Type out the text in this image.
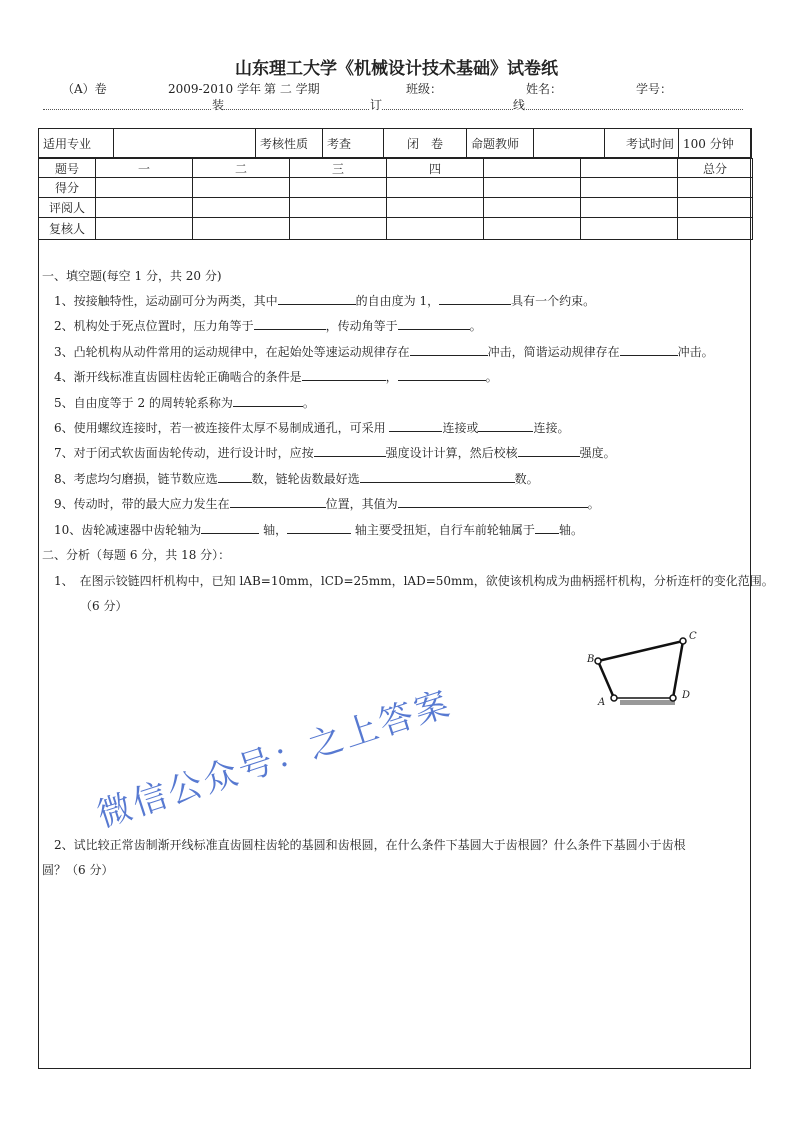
山东理工大学《机械设计技术基础》试卷纸
（A）卷	2009-2010 学年 第 二 学期	班级：	姓名：	学号：
装	订	线
适用专业		考核性质	考查	闭　卷	命题教师		考试时间	100 分钟
题号	一	二	三	四			总分
得分							
评阅人							
复核人							
一、填空题(每空 1 分，共 20 分)
1、按接触特性，运动副可分为两类，其中	的自由度为 1，	具有一个约束。
2、机构处于死点位置时，压力角等于	，传动角等于	。
3、凸轮机构从动件常用的运动规律中，在起始处等速运动规律存在	冲击，简谐运动规律存在	冲击。
4、渐开线标准直齿圆柱齿轮正确啮合的条件是	，	。
5、自由度等于 2 的周转轮系称为	。
6、使用螺纹连接时，若一被连接件太厚不易制成通孔，可采用	连接或	连接。
7、对于闭式软齿面齿轮传动，进行设计时，应按	强度设计计算，然后校核	强度。
8、考虑均匀磨损，链节数应选	数，链轮齿数最好选	数。
9、传动时，带的最大应力发生在	位置，其值为	。
10、齿轮减速器中齿轮轴为	轴，	轴主要受扭矩，自行车前轮轴属于 轴。
二、分析（每题 6 分，共 18 分）：
1、　在图示铰链四杆机构中，已知 lAB=10mm，lCD=25mm，lAD=50mm，欲使该机构成为曲柄摇杆机构，分析连杆的变化范围。
（6 分）
A
B
C
D
2、试比较正常齿制渐开线标准直齿圆柱齿轮的基圆和齿根圆，在什么条件下基圆大于齿根圆？什么条件下基圆小于齿根
圆？（6 分）
微信公众号：之上答案
